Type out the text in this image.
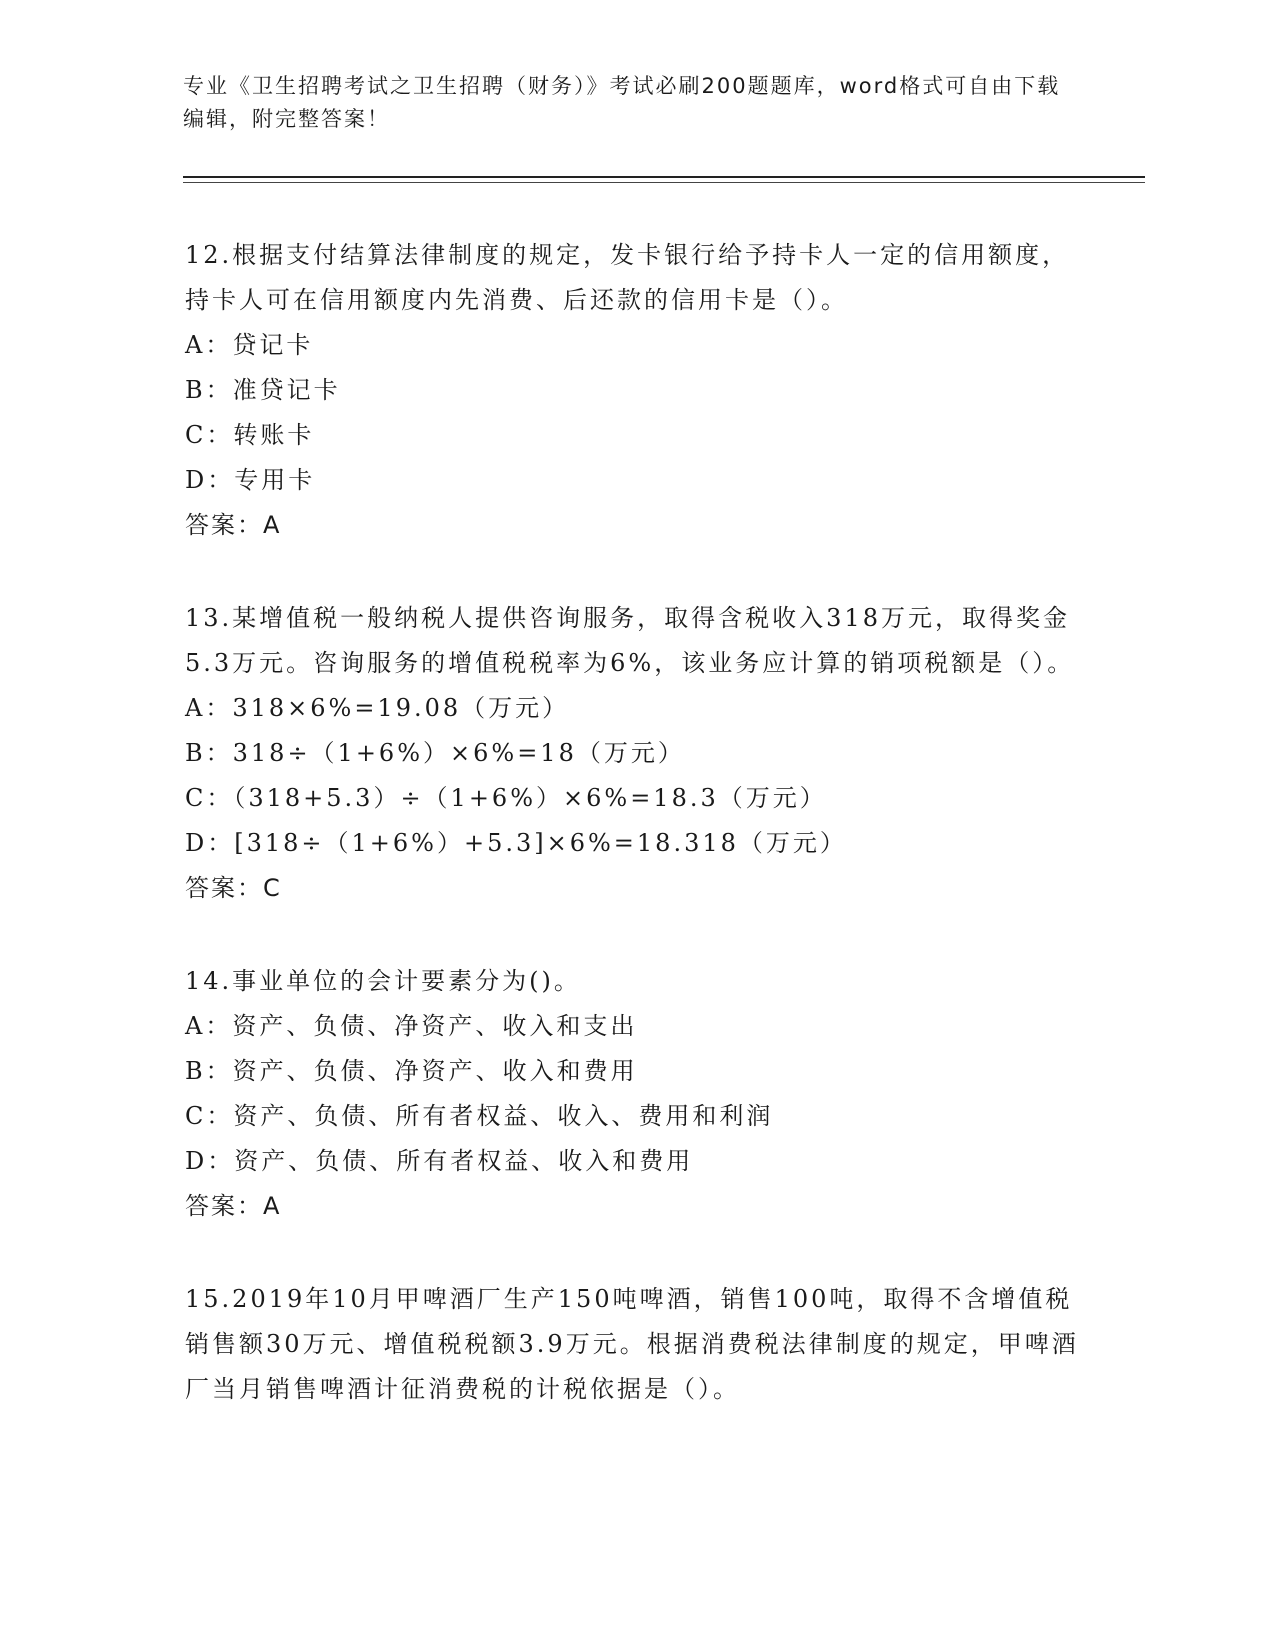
专业《卫生招聘考试之卫生招聘（财务）》考试必刷200题题库，word格式可自由下载编辑，附完整答案！

12.根据支付结算法律制度的规定，发卡银行给予持卡人一定的信用额度，持卡人可在信用额度内先消费、后还款的信用卡是（）。

A：贷记卡

B：准贷记卡

C：转账卡

D：专用卡

答案：A

13.某增值税一般纳税人提供咨询服务，取得含税收入318万元，取得奖金5.3万元。咨询服务的增值税税率为6%，该业务应计算的销项税额是（）。

A：318×6%=19.08（万元）

B：318÷（1+6%）×6%=18（万元）

C：（318+5.3）÷（1+6%）×6%=18.3（万元）

D：[318÷（1+6%）+5.3]×6%=18.318（万元）

答案：C

14.事业单位的会计要素分为()。

A：资产、负债、净资产、收入和支出

B：资产、负债、净资产、收入和费用

C：资产、负债、所有者权益、收入、费用和利润

D：资产、负债、所有者权益、收入和费用

答案：A

15.2019年10月甲啤酒厂生产150吨啤酒，销售100吨，取得不含增值税销售额30万元、增值税税额3.9万元。根据消费税法律制度的规定，甲啤酒厂当月销售啤酒计征消费税的计税依据是（）。
